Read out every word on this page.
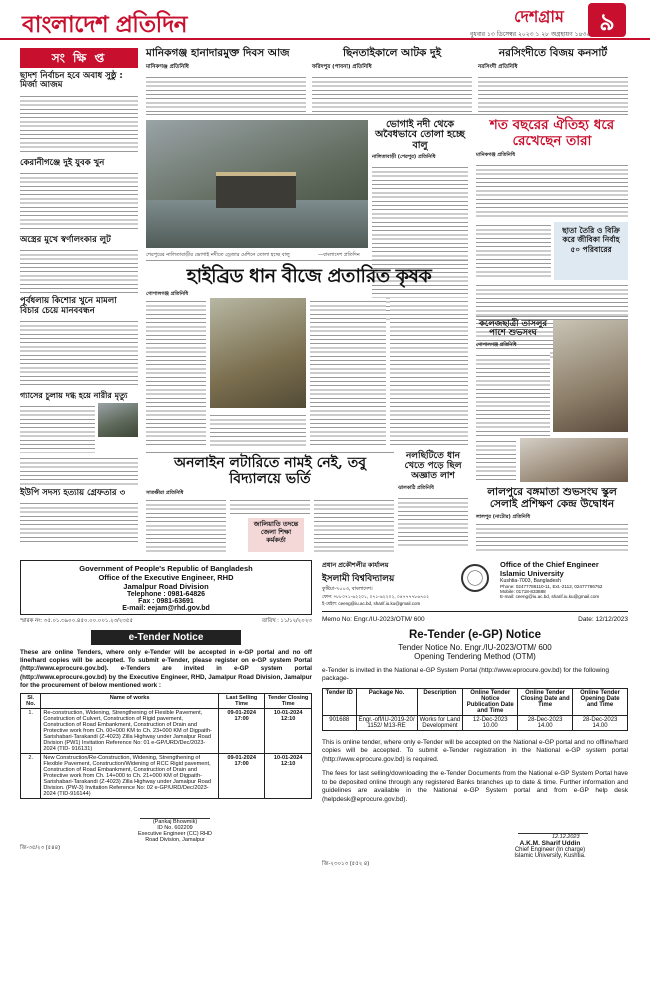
বাংলাদেশ প্রতিদিন	৯
দেশগ্রাম
বুধবার ১৩ ডিসেম্বর ২০২৩ ১ ২৮ অগ্রহায়ণ ১৪৩০
সং ক্ষি প্ত
ছাদশ নির্বাচন হবে অবাধ সুষ্ঠু : মির্জা আজম
কেরানীগঞ্জে দুই যুবক খুন
অস্ত্রের মুখে স্বর্ণালংকার লুট
পূর্বধলায় কিশোর খুনে মামলা বিচার চেয়ে মানববন্ধন
গ্যাসের চুলায় দগ্ধ হয়ে নারীর মৃত্যু
ইউপি সদস্য হত্যায় গ্রেফতার ৩
মানিকগঞ্জ হানাদারমুক্ত দিবস আজ
মানিকগঞ্জ প্রতিনিধি
ছিনতাইকালে আটক দুই
ফরিদপুর (পাবনা) প্রতিনিধি
নরসিংদীতে বিজয় কনসার্ট
নরসিংদী প্রতিনিধি
শেরপুরের নালিতাবাড়ীর ভোগাই নদীতে ড্রেজার মেশিনে তোলা হচ্ছে বালু	—বাংলাদেশ প্রতিদিন
ভোগাই নদী থেকে অবৈধভাবে তোলা হচ্ছে বালু
নালিতাবাড়ী (শেরপুর) প্রতিনিধি
শত বছরের ঐতিহ্য ধরে রেখেছেন তারা
মানিকগঞ্জ প্রতিনিধি
ছাতা তৈরি ও বিক্রি করে জীবিকা নির্বাহ ৫০ পরিবারের
হাইব্রিড ধান বীজে প্রতারিত কৃষক
গোপালগঞ্জ প্রতিনিধি
কলেজছাত্রী তাসলুর পাশে শুভসংঘ
গোপালগঞ্জ প্রতিনিধি
লালপুরে বঙ্গমাতা শুভসংঘ স্কুল সেলাই প্রশিক্ষণ কেন্দ্র উদ্বোধন
লালপুর (নাটোর) প্রতিনিধি
অনলাইন লটারিতে নামই নেই, তবু বিদ্যালয়ে ভর্তি
সাতক্ষীরা প্রতিনিধি
জালিয়াতি তদন্তে জেলা শিক্ষা কর্মকর্তা
নলছিটিতে ধান খেতে পড়ে ছিল অজ্ঞাত লাশ
ঝালকাঠি প্রতিনিধি
Government of People's Republic of Bangladesh
Office of the Executive Engineer, RHD
Jamalpur Road Division
Telephone : 0981-64826
Fax : 0981-63691
E-mail: eejam@rhd.gov.bd
স্মারক নং: ৩৫.০১.৩৯০০.৪৫০.০০.০০১.২৩/২৩৫৫	তারিখ : ১১/১২/২০২৩
e-Tender Notice
These are online Tenders, where only e-Tender will be accepted in e-GP portal and no off line/hard copies will be accepted. To submit e-Tender, please register on e-GP system Portal (http://www.eprocure.gov.bd). e-Tenders are invited in e-GP system portal (http://www.eprocure.gov.bd) by the Executive Engineer, RHD, Jamalpur Road Division, Jamalpur for the procurement of below mentioned work :
Sl. No.	Name of works	Last Selling Time	Tender Closing Time
1.	Re-construction, Widening, Strengthening of Flexible Pavement, Construction of Culvert, Construction of Rigid pavement, Construction of Road Embankment, Construction of Drain and Protective work from Ch. 00+000 KM to Ch. 23+000 KM of Digpaith-Sarishabari-Tarakandi (Z-4023) Zilla Highway under Jamalpur Road Division (PW1) Invitation Reference No: 01 e-GP/URD/Dec/2023-2024 (TID- 916131)	09-01-2024 17:00	10-01-2024 12:10
2.	New Construction/Re-Construction, Widening, Strengthening of Flexible Pavement, Construction/Widening of RCC Rigid pavement, Construction of Road Embankment, Construction of Drain and Protective work from Ch. 14+000 to Ch. 21+000 KM of Digpaith-Sarishabari-Tarakandi (Z-4023) Zilla Highway under Jamalpur Road Division. (PW-3) Invitation Reference No: 02 e-GP/URD/Dec/2023-2024 (TID-916144)	09-01-2024 17:00	10-01-2024 12:10
(Pankaj Bhowmik)
ID No. 602209
Executive Engineer (CC) RHD
Road Division, Jamalpur
জি-৩৫/২৩ (৫৪৪)
প্রধান প্রকৌশলীর কার্যালয়
ইসলামী বিশ্ববিদ্যালয়
কুষ্টিয়া-৭০০৩, বাংলাদেশ।
ফোন: +৮৮০৭১-৬২২০১, ০৭১-৬২২০২, ০৪৭৭৭৭৮৬৭৫২
ই-মেইল: ceeng@iu.ac.bd, sharif.iu.ku@gmail.com
Office of the Chief Engineer
Islamic University
Kushtia-7003, Bangladesh
Phone: 02477786110-11, Ext.-2112, 02477786752
Mobile: 01718-833888
E-mail: ceeng@iu.ac.bd, sharif.iu.ku@gmail.com
Memo No: Engr./IU-2023/OTM/ 600	Date: 12/12/2023
Re-Tender (e-GP) Notice
Tender Notice No. Engr./IU-2023/OTM/ 600
Opening Tendering Method (OTM)
e-Tender is invited in the National e-GP System Portal (http://www.eprocure.gov.bd) for the following package-
Tender ID	Package No.	Description	Online Tender Notice Publication Date and Time	Online Tender Closing Date and Time	Online Tender Opening Date and Time
901688	Engr.-off/IU-2019-20/ 1152/ M13-RE	Works for Land Development	12-Dec-2023 10.00	28-Dec-2023 14.00	28-Dec-2023 14.00
This is online tender, where only e-Tender will be accepted on the National e-GP portal and no offline/hard copies will be accepted. To submit e-Tender registration in the National e-GP system portal (http://www.eprocure.gov.bd) is required.
The fees for last selling/downloading the e-Tender Documents from the National e-GP System Portal have to be deposited online through any registered Banks branches up to date & time. Further information and guidelines are available in the National e-GP System portal and from e-GP help desk (helpdesk@eprocure.gov.bd).
12.12.2023
A.K.M. Sharif Uddin
Chief Engineer (In charge)
Islamic University, Kushtia.
জি-২৩০১৩ (৫৫২ ৪)
